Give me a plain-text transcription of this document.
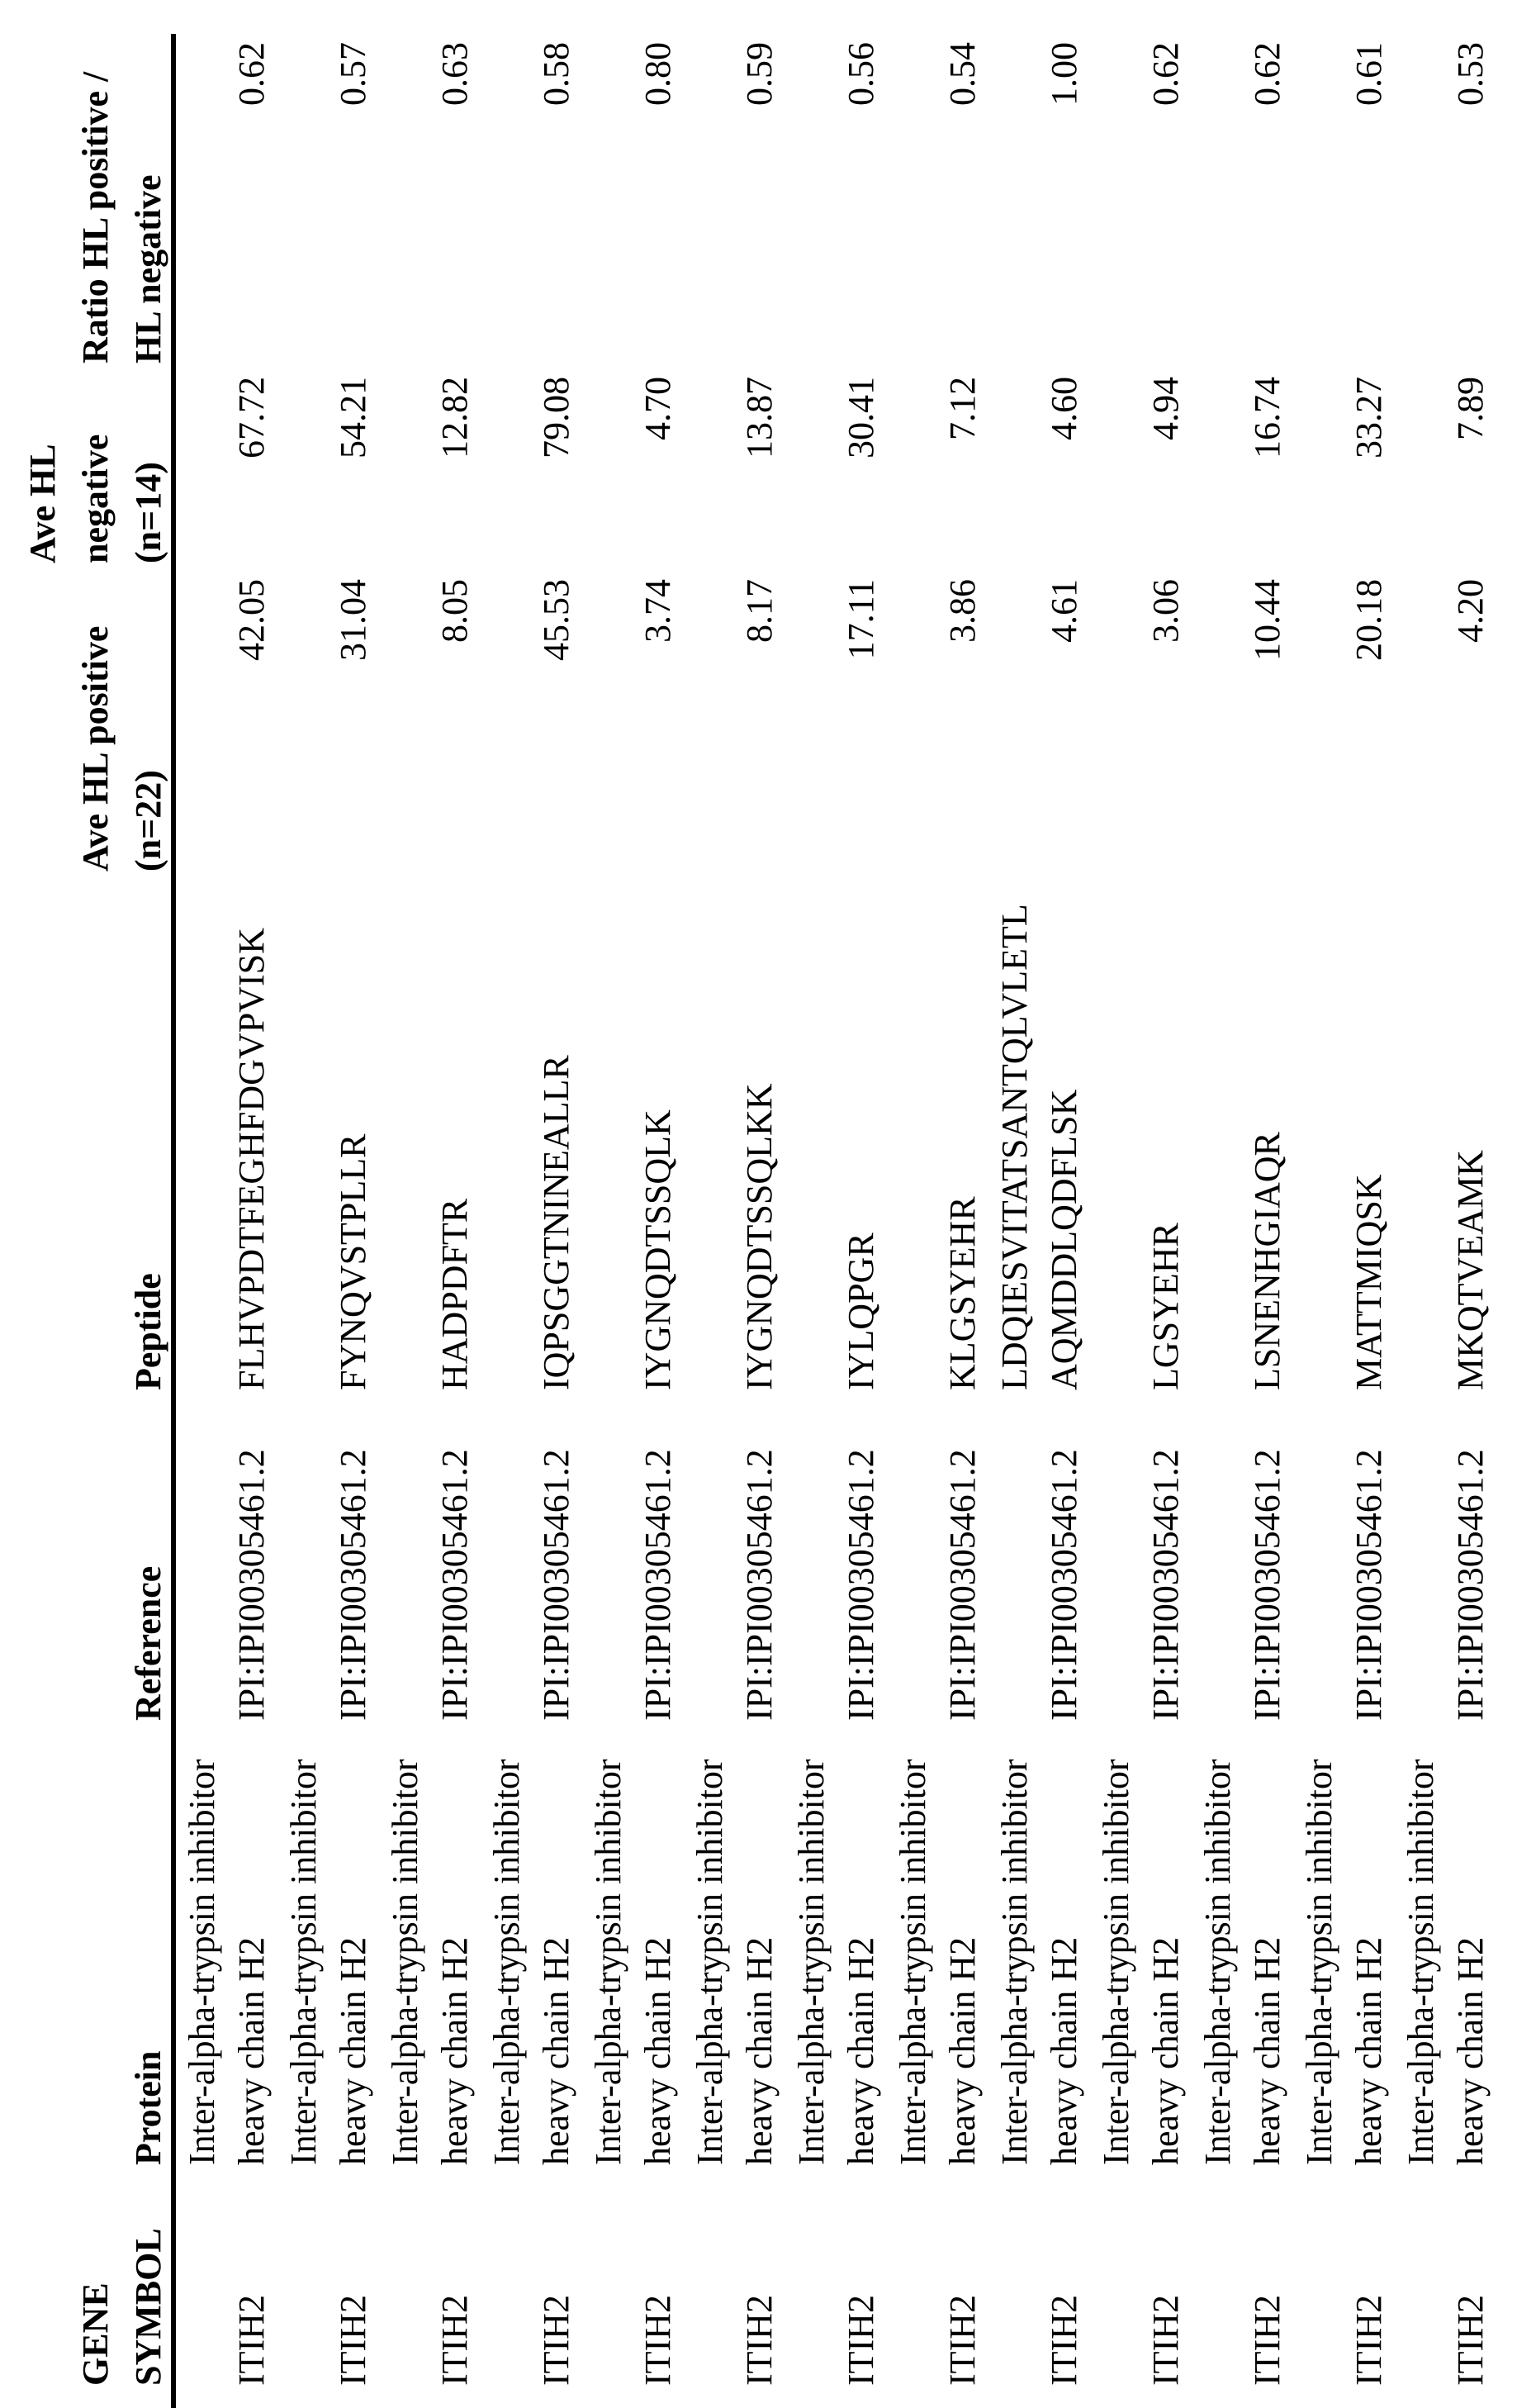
GENE
SYMBOL
Protein
Reference
Peptide
Ave HL positive
(n=22)
Ave HL
negative
(n=14)
Ratio HL positive /
HL negative
ITIH2
Inter-alpha-trypsin inhibitor heavy chain H2
IPI:IPI00305461.2
FLHVPDTFEGHFDGVPVISK
42.05
67.72
0.62
ITIH2
Inter-alpha-trypsin inhibitor heavy chain H2
IPI:IPI00305461.2
FYNQVSTPLLR
31.04
54.21
0.57
ITIH2
Inter-alpha-trypsin inhibitor heavy chain H2
IPI:IPI00305461.2
HADPDFTR
8.05
12.82
0.63
ITIH2
Inter-alpha-trypsin inhibitor heavy chain H2
IPI:IPI00305461.2
IQPSGGTNINEALLR
45.53
79.08
0.58
ITIH2
Inter-alpha-trypsin inhibitor heavy chain H2
IPI:IPI00305461.2
IYGNQDTSSQLK
3.74
4.70
0.80
ITIH2
Inter-alpha-trypsin inhibitor heavy chain H2
IPI:IPI00305461.2
IYGNQDTSSQLKK
8.17
13.87
0.59
ITIH2
Inter-alpha-trypsin inhibitor heavy chain H2
IPI:IPI00305461.2
IYLQPGR
17.11
30.41
0.56
ITIH2
Inter-alpha-trypsin inhibitor heavy chain H2
IPI:IPI00305461.2
KLGSYEHR
3.86
7.12
0.54
ITIH2
Inter-alpha-trypsin inhibitor heavy chain H2
IPI:IPI00305461.2
LDQIESVITATSANTQLVLETLAQMDDLQDFLSK
4.61
4.60
1.00
ITIH2
Inter-alpha-trypsin inhibitor heavy chain H2
IPI:IPI00305461.2
LGSYEHR
3.06
4.94
0.62
ITIH2
Inter-alpha-trypsin inhibitor heavy chain H2
IPI:IPI00305461.2
LSNENHGIAQR
10.44
16.74
0.62
ITIH2
Inter-alpha-trypsin inhibitor heavy chain H2
IPI:IPI00305461.2
MATTMIQSK
20.18
33.27
0.61
ITIH2
Inter-alpha-trypsin inhibitor heavy chain H2
IPI:IPI00305461.2
MKQTVEAMK
4.20
7.89
0.53
